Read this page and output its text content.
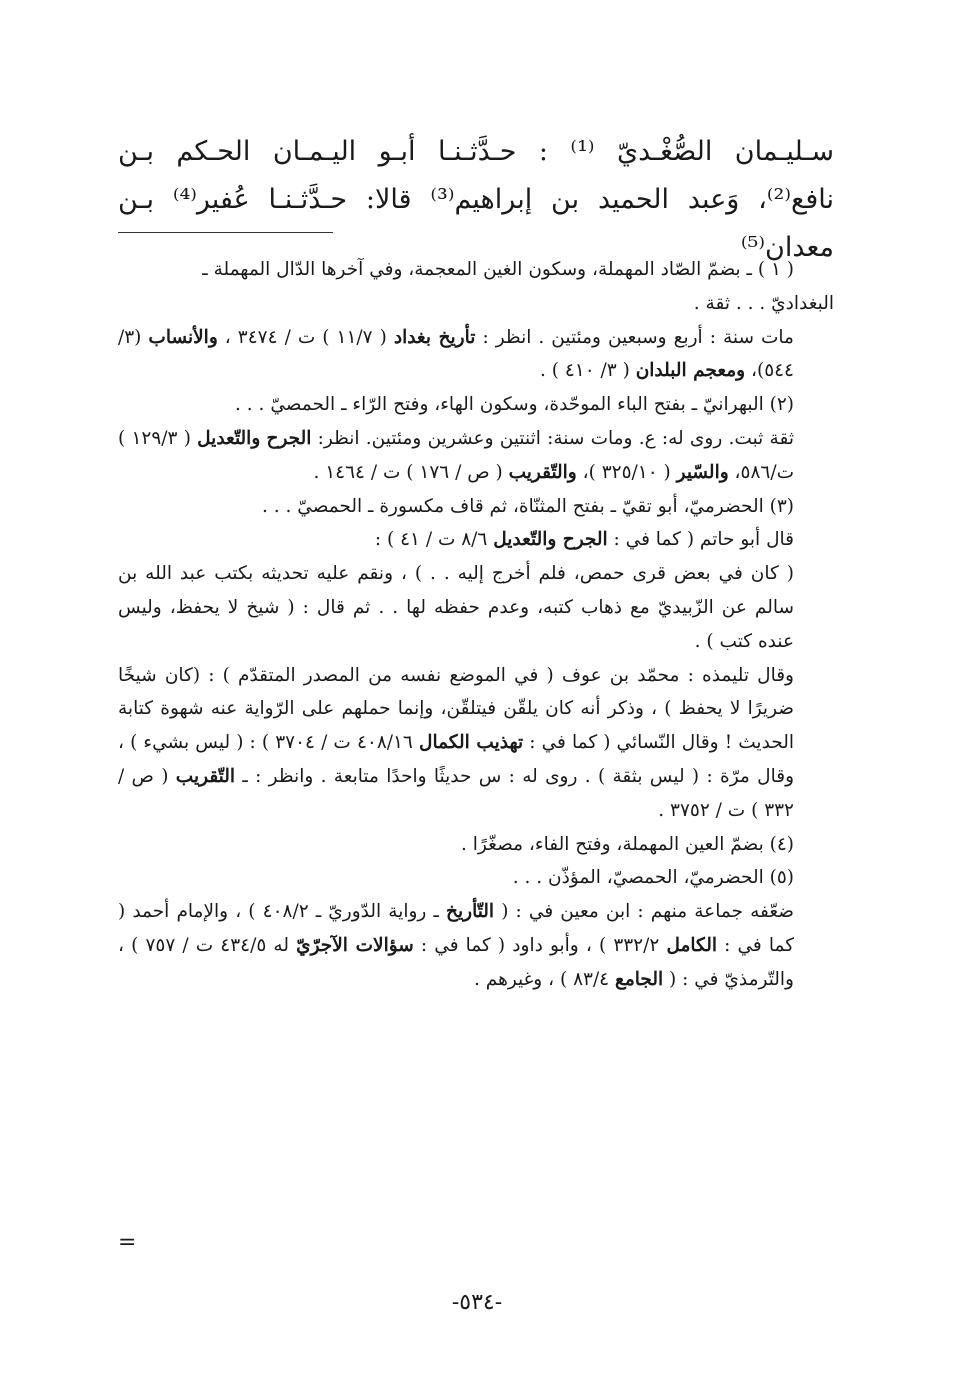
سـليـمان الصُّغْـديّ ⁽¹⁾ : حـدَّثـنـا أبـو اليـمـان الحـكم بـن

نافع⁽²⁾، وَعبد الحميد بن إبراهيم⁽³⁾ قالا: حـدَّثـنـا عُفير⁽⁴⁾ بـن معدان⁽⁵⁾

( ١ ) ـ بضمّ الصّاد المهملة، وسكون الغين المعجمة، وفي آخرها الدّال المهملة ـ

البغداديّ . . . ثقة .

مات سنة : أربع وسبعين ومئتين . انظر : تأريخ بغداد ( ١١/٧ ) ت / ٣٤٧٤ ، والأنساب (٣/ ٥٤٤)، ومعجم البلدان ( ٣/ ٤١٠ ) .

(٢) البهرانيّ ـ بفتح الباء الموحّدة، وسكون الهاء، وفتح الرّاء ـ الحمصيّ . . .

ثقة ثبت. روى له: ع. ومات سنة: اثنتين وعشرين ومئتين. انظر: الجرح والتّعديل ( ١٢٩/٣ ) ت/٥٨٦، والسّير ( ٣٢٥/١٠ )، والتّقريب ( ص / ١٧٦ ) ت / ١٤٦٤ .

(٣) الحضرميّ، أبو تقيّ ـ بفتح المثنّاة، ثم قاف مكسورة ـ الحمصيّ . . .

قال أبو حاتم ( كما في : الجرح والتّعديل ٨/٦ ت / ٤١ ) :

( كان في بعض قرى حمص، فلم أخرج إليه . . ) ، ونقم عليه تحديثه بكتب عبد الله بن سالم عن الزّبيديّ مع ذهاب كتبه، وعدم حفظه لها . . ثم قال : ( شيخ لا يحفظ، وليس عنده كتب ) .

وقال تليمذه : محمّد بن عوف ( في الموضع نفسه من المصدر المتقدّم ) : (كان شيخًا ضريرًا لا يحفظ ) ، وذكر أنه كان يلقّن فيتلقّن، وإنما حملهم على الرّواية عنه شهوة كتابة الحديث ! وقال النّسائي ( كما في : تهذيب الكمال ٤٠٨/١٦ ت / ٣٧٠٤ ) : ( ليس بشيء ) ، وقال مرّة : ( ليس بثقة ) . روى له : س حديثًا واحدًا متابعة . وانظر : ـ التّقريب ( ص / ٣٣٢ ) ت / ٣٧٥٢ .

(٤) بضمّ العين المهملة، وفتح الفاء، مصغّرًا .

(٥) الحضرميّ، الحمصيّ، المؤذّن . . .

ضعّفه جماعة منهم : ابن معين في : ( التّأريخ ـ رواية الدّوريّ ـ ٤٠٨/٢ ) ، والإمام أحمد ( كما في : الكامل ٣٣٢/٢ ) ، وأبو داود ( كما في : سؤالات الآجرّيّ له ٤٣٤/٥ ت / ٧٥٧ ) ، والتّرمذيّ في : ( الجامع ٨٣/٤ ) ، وغيرهم .

=
-٥٣٤-
